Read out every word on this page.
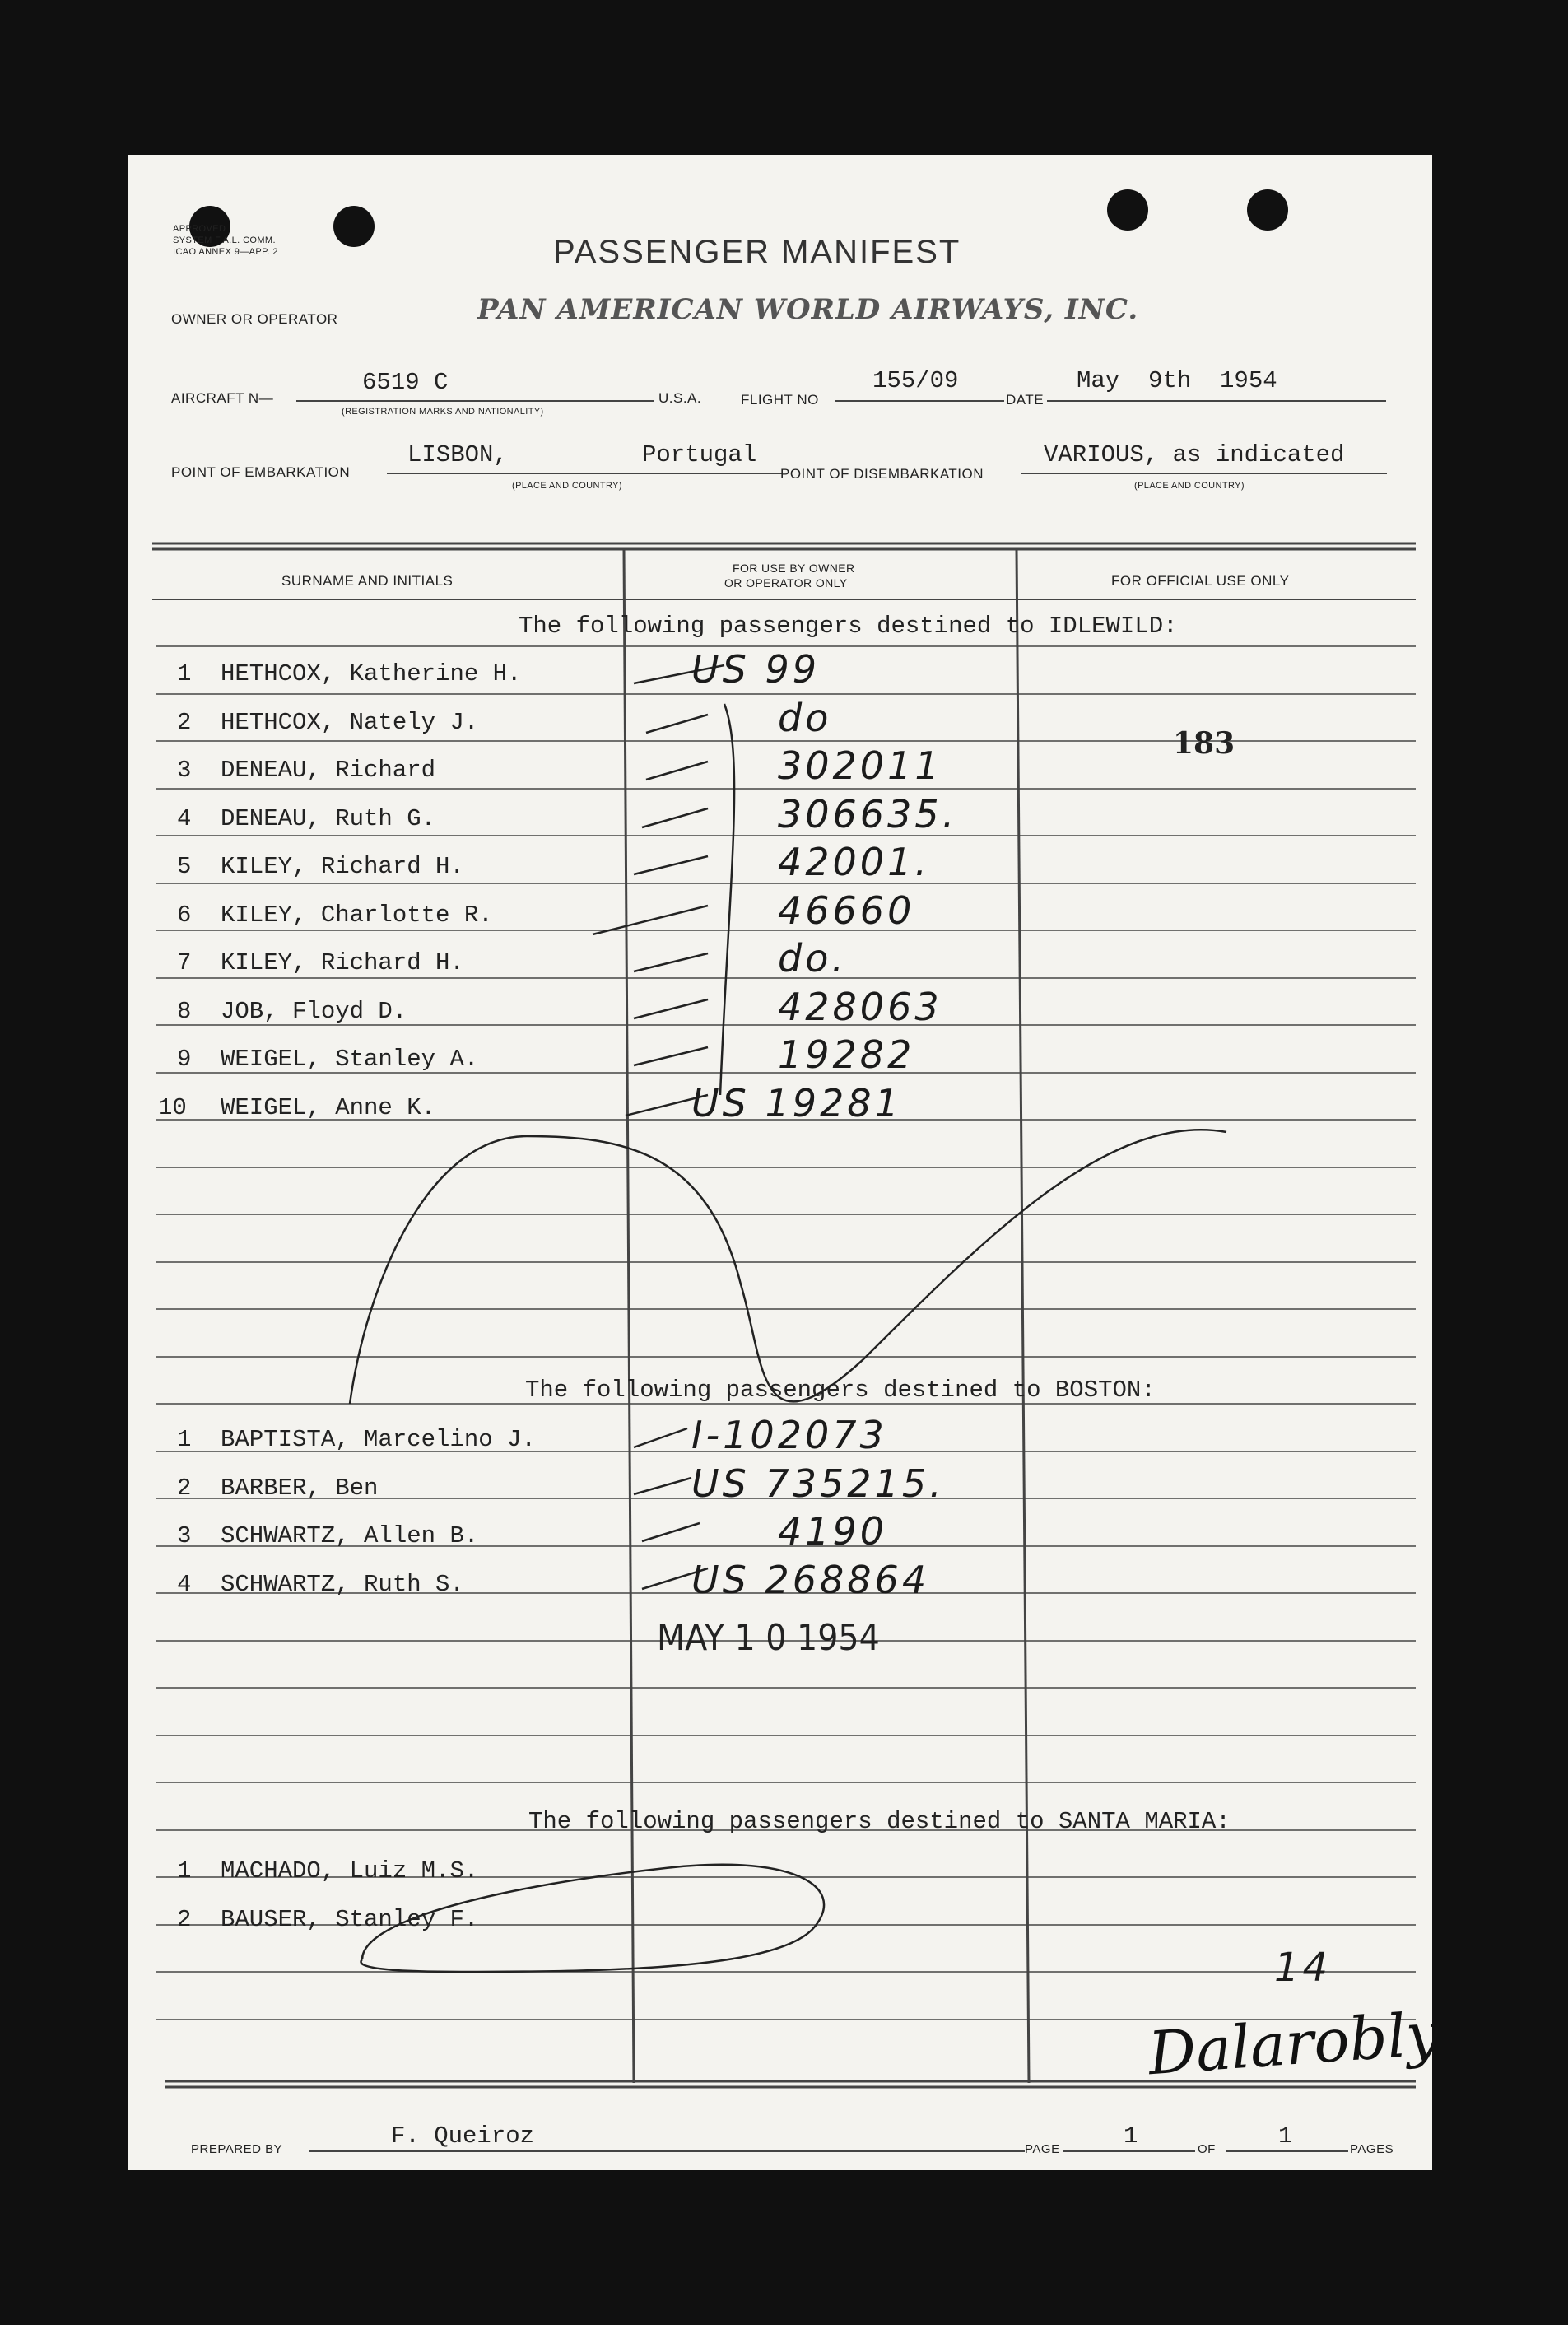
APPROVED
SYSTEM F.A.L. COMM.
ICAO ANNEX 9—APP. 2	PASSENGER MANIFEST
OWNER OR OPERATOR	PAN AMERICAN WORLD AIRWAYS, INC.
AIRCRAFT N—
6519 C
(REGISTRATION MARKS AND NATIONALITY)
U.S.A.	FLIGHT NO
155/09
DATE
May  9th  1954
POINT OF EMBARKATION
LISBON,	Portugal
(PLACE AND COUNTRY)
POINT OF DISEMBARKATION
VARIOUS, as indicated
(PLACE AND COUNTRY)
SURNAME AND INITIALS
FOR USE BY OWNER
OR OPERATOR ONLY	FOR OFFICIAL USE ONLY
The following passengers destined to IDLEWILD:
The following passengers destined to BOSTON:
The following passengers destined to SANTA MARIA:
1 HETHCOX, Katherine H.	US 99
2 HETHCOX, Nately J.	do
3 DENEAU, Richard	302011
4 DENEAU, Ruth G.	306635.
5 KILEY, Richard H.	42001.
6 KILEY, Charlotte R.	46660
7 KILEY, Richard H.	do.
8 JOB, Floyd D.	428063
9 WEIGEL, Stanley A.	19282
10 WEIGEL, Anne K.	US 19281
1 BAPTISTA, Marcelino J.	I-102073
2 BARBER, Ben	US 735215.
3 SCHWARTZ, Allen B.	4190
4 SCHWARTZ, Ruth S.	US 268864
1 MACHADO, Luiz M.S.
2 BAUSER, Stanley F.
183
MAY 1 0 1954
14
Dalarobly
PREPARED BY	F. Queiroz	PAGE	1	OF	1	PAGES
